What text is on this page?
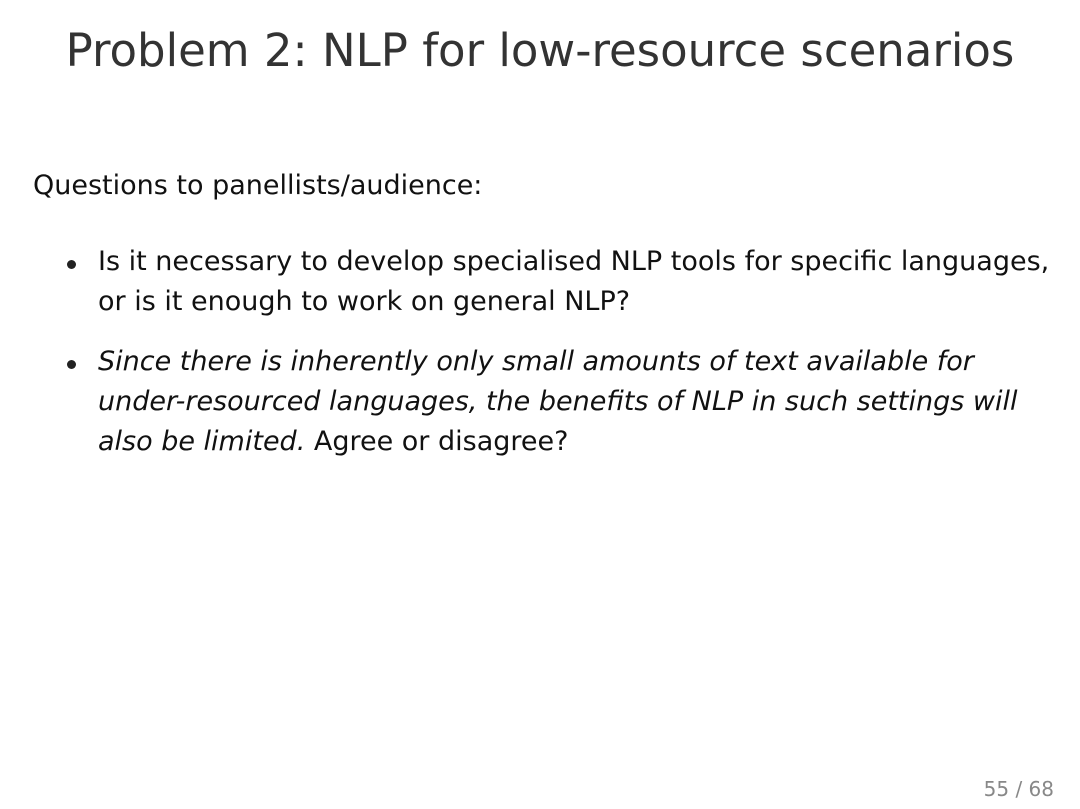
Problem 2: NLP for low-resource scenarios
Questions to panellists/audience:
Is it necessary to develop specialised NLP tools for specific languages, or is it enough to work on general NLP?
Since there is inherently only small amounts of text available for under-resourced languages, the benefits of NLP in such settings will also be limited. Agree or disagree?
55 / 68
